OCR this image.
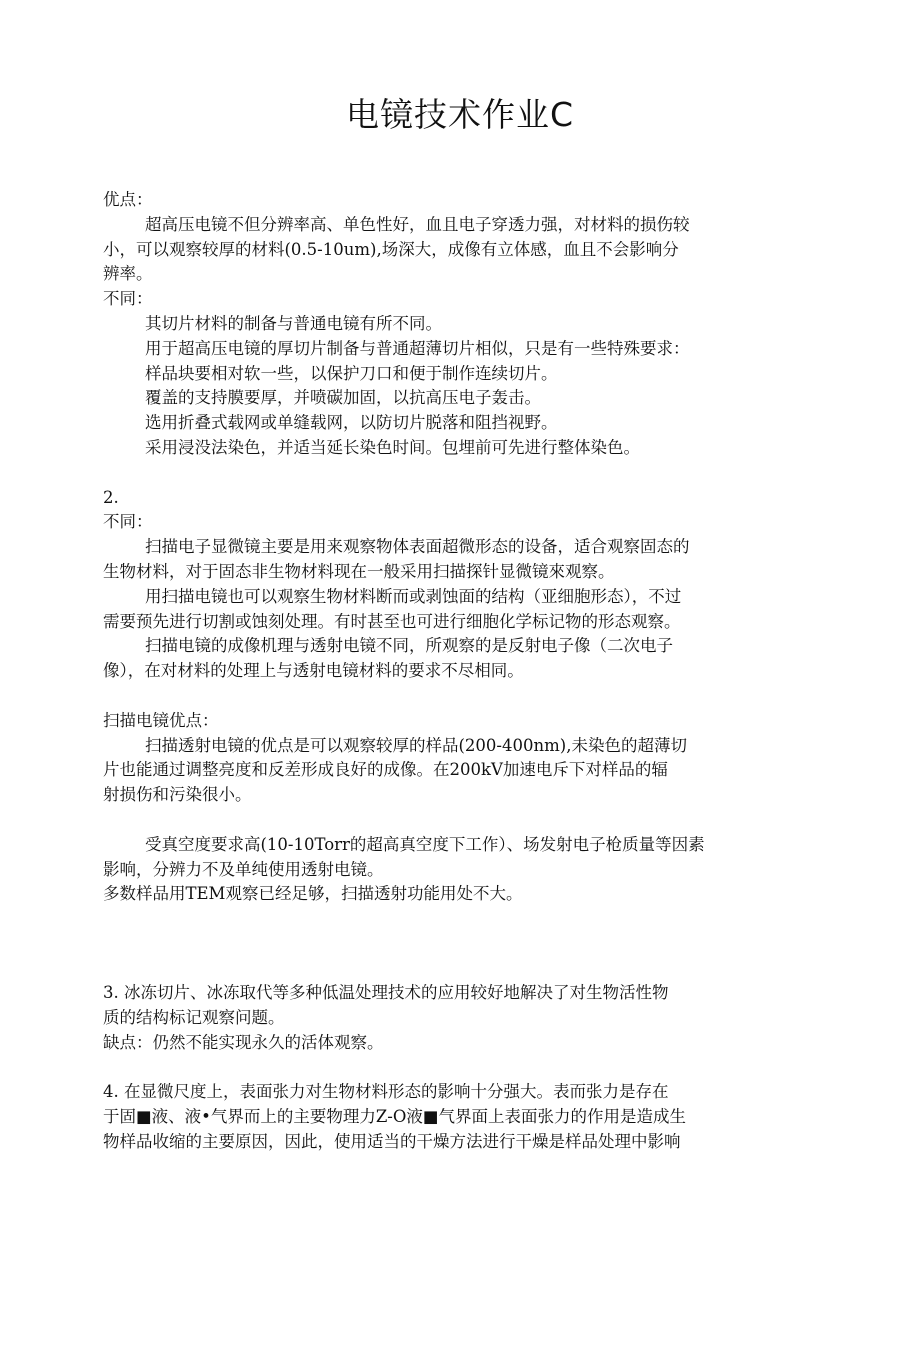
电镜技术作业C
优点：
超高压电镜不但分辨率高、单色性好，血且电子穿透力强，对材料的损伤较
小，可以观察较厚的材料(0.5-10um),场深大，成像有立体感，血且不会影响分
辨率。
不同：
其切片材料的制备与普通电镜有所不同。
用于超高压电镜的厚切片制备与普通超薄切片相似，只是有一些特殊要求：
样品块要相对软一些，以保护刀口和便于制作连续切片。
覆盖的支持膜要厚，并喷碳加固，以抗高压电子轰击。
选用折叠式载网或单缝载网，以防切片脱落和阻挡视野。
采用浸没法染色，并适当延长染色时间。包埋前可先进行整体染色。
2.
不同：
扫描电子显微镜主要是用来观察物体表面超微形态的设备，适合观察固态的
生物材料，对于固态非生物材料现在一般采用扫描探针显微镜來观察。
用扫描电镜也可以观察生物材料断而或剥蚀面的结构（亚细胞形态），不过
需要预先进行切割或蚀刻处理。有时甚至也可进行细胞化学标记物的形态观察。
扫描电镜的成像机理与透射电镜不同，所观察的是反射电子像（二次电子
像），在对材料的处理上与透射电镜材料的要求不尽相同。
扫描电镜优点：
扫描透射电镜的优点是可以观察较厚的样品(200-400nm),未染色的超薄切
片也能通过调整亮度和反差形成良好的成像。在200kV加速电斥下对样品的辐
射损伤和污染很小。
受真空度要求高(10-10Torr的超高真空度下工作）、场发射电子枪质量等因素
影响，分辨力不及单纯使用透射电镜。
多数样品用TEM观察已经足够，扫描透射功能用处不大。
3. 冰冻切片、冰冻取代等多种低温处理技术的应用较好地解决了对生物活性物
质的结构标记观察问题。
缺点：仍然不能实现永久的活体观察。
4. 在显微尺度上，表面张力对生物材料形态的影响十分强大。表而张力是存在
于固■液、液•气界而上的主要物理力Z-O液■气界面上表面张力的作用是造成生
物样品收缩的主要原因，因此，使用适当的干燥方法进行干燥是样品处理中影响
